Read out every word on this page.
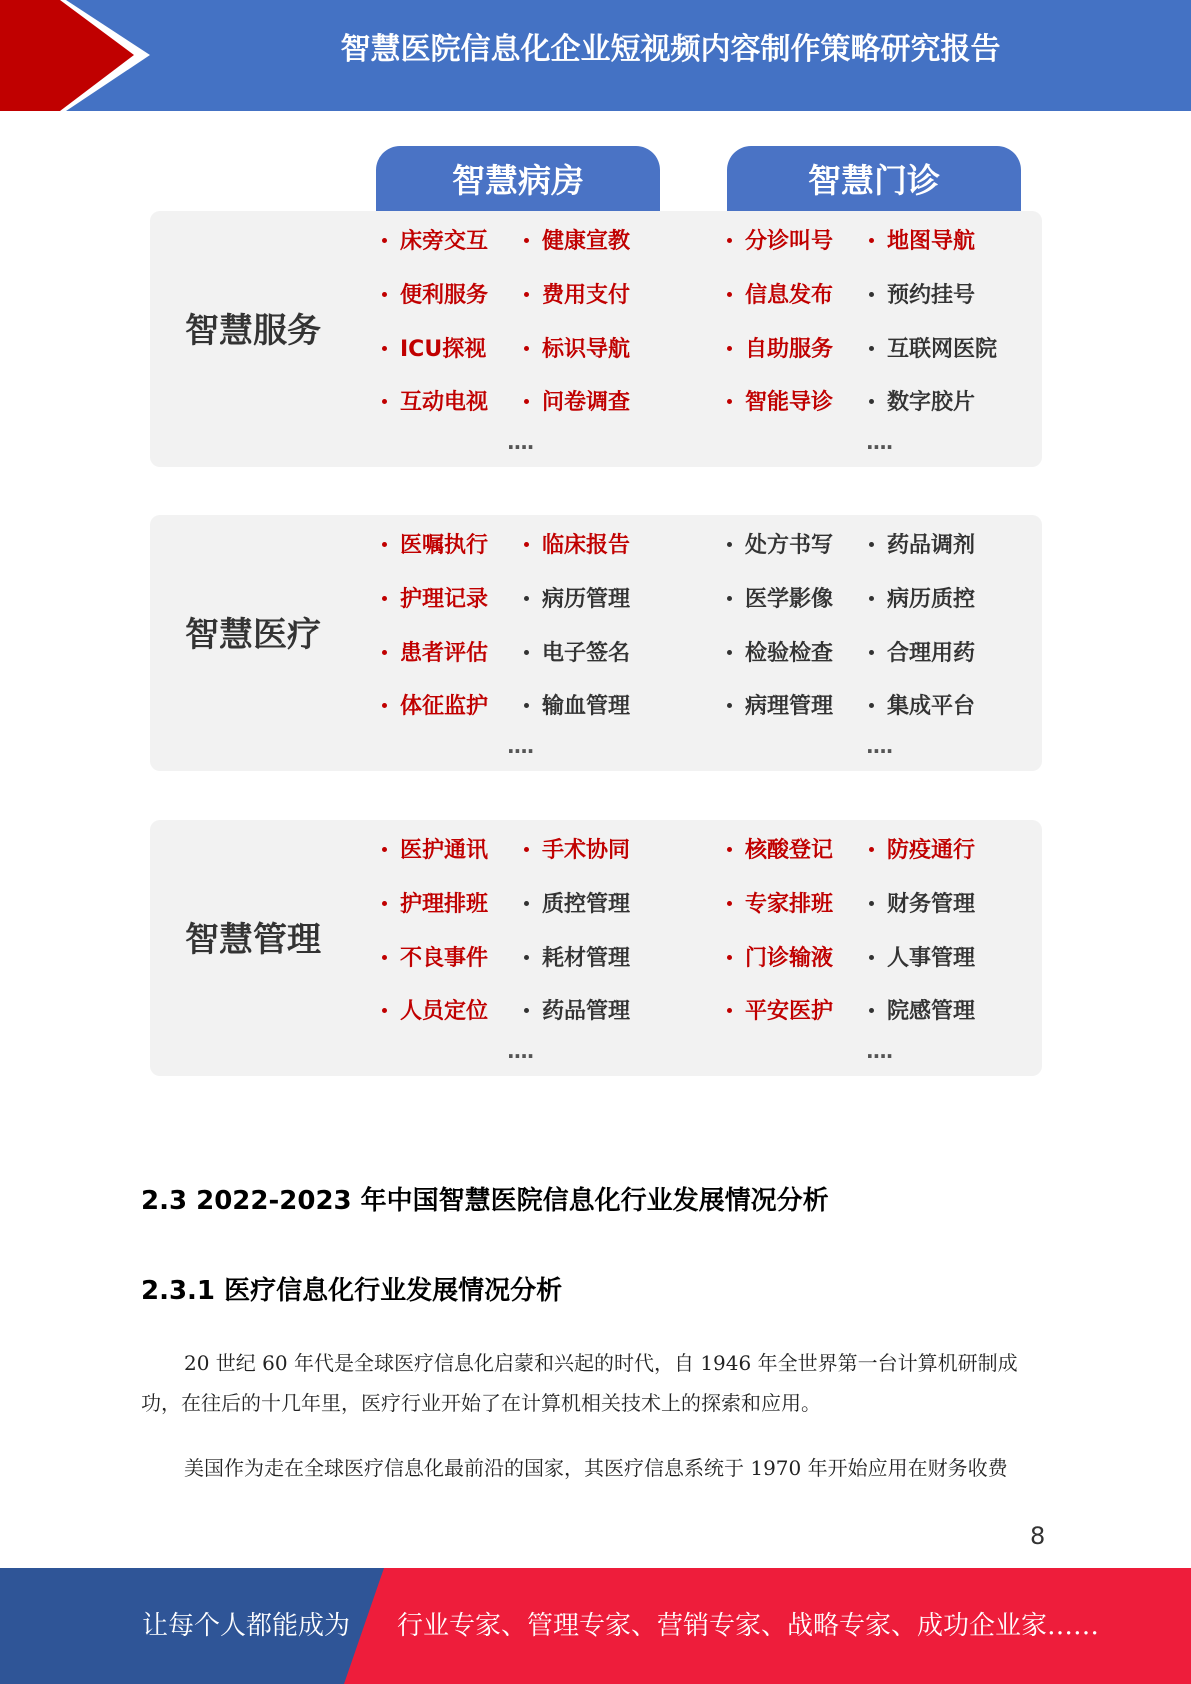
智慧医院信息化企业短视频内容制作策略研究报告
智慧病房	智慧门诊
智慧服务
智慧医疗
智慧管理
床旁交互
便利服务
ICU探视
互动电视
健康宣教
费用支付
标识导航
问卷调查
····
分诊叫号
信息发布
自助服务
智能导诊
地图导航
预约挂号
互联网医院
数字胶片
····
医嘱执行
护理记录
患者评估
体征监护
临床报告
病历管理
电子签名
输血管理
····
处方书写
医学影像
检验检查
病理管理
药品调剂
病历质控
合理用药
集成平台
····
医护通讯
护理排班
不良事件
人员定位
手术协同
质控管理
耗材管理
药品管理
····
核酸登记
专家排班
门诊输液
平安医护
防疫通行
财务管理
人事管理
院感管理
····
2.3 2022-2023 年中国智慧医院信息化行业发展情况分析
2.3.1 医疗信息化行业发展情况分析

20 世纪 60 年代是全球医疗信息化启蒙和兴起的时代，自 1946 年全世界第一台计算机研制成功，在往后的十几年里，医疗行业开始了在计算机相关技术上的探索和应用。

美国作为走在全球医疗信息化最前沿的国家，其医疗信息系统于 1970 年开始应用在财务收费

8
让每个人都能成为 行业专家、管理专家、营销专家、战略专家、成功企业家……
